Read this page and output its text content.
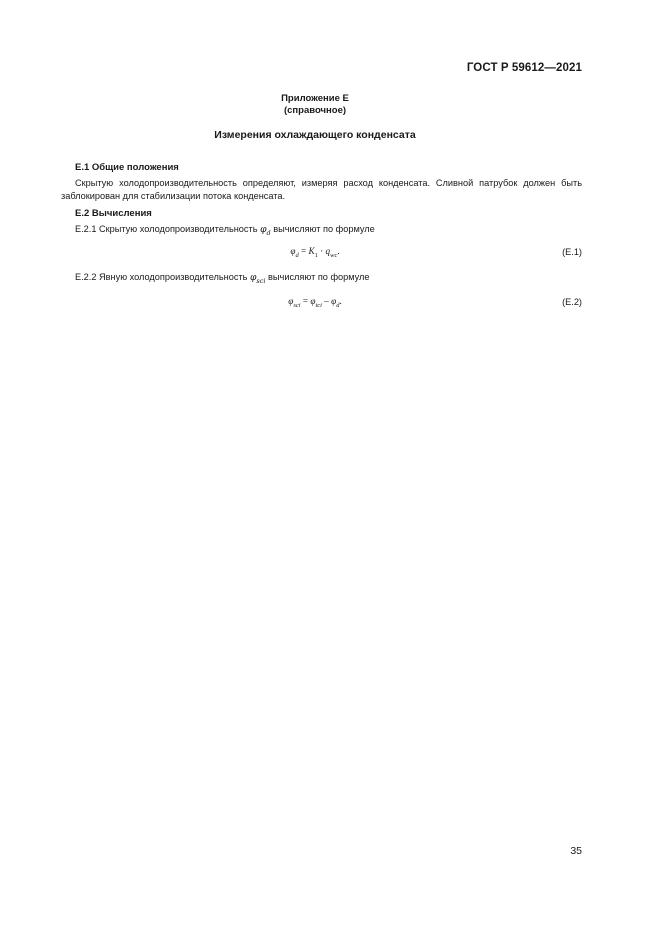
ГОСТ Р 59612—2021
Приложение Е
(справочное)
Измерения охлаждающего конденсата
Е.1 Общие положения
Скрытую холодопроизводительность определяют, измеряя расход конденсата. Сливной патрубок должен быть заблокирован для стабилизации потока конденсата.
Е.2 Вычисления
Е.2.1 Скрытую холодопроизводительность $\varphi_d$ вычисляют по формуле
$\varphi_d = K_1 \cdot q_{wc}$.	(Е.1)
Е.2.2 Явную холодопроизводительность $\varphi_{sci}$ вычисляют по формуле
$\varphi_{sci} = \varphi_{tci} - \varphi_d$.	(Е.2)
35
